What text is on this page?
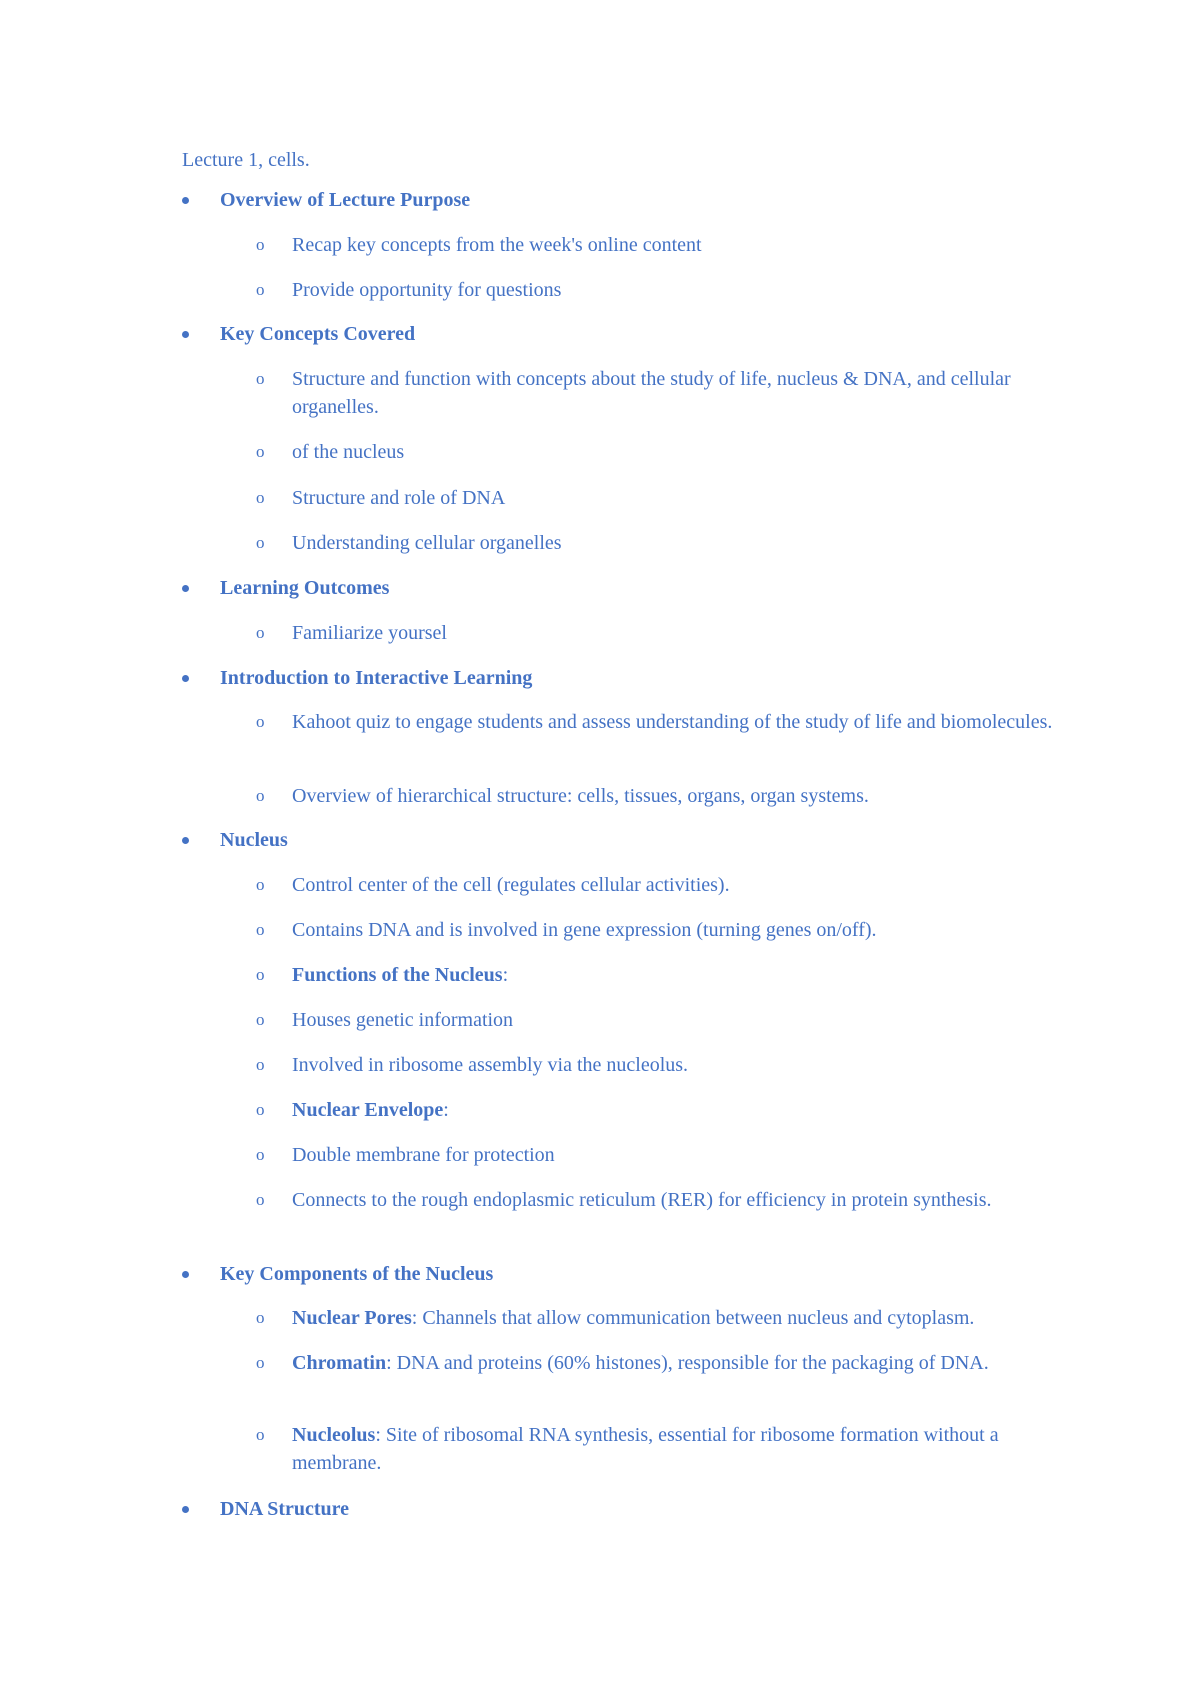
Lecture 1, cells.
Overview of Lecture Purpose
o Recap key concepts from the week's online content
o Provide opportunity for questions
Key Concepts Covered
o Structure and function with concepts about the study of life, nucleus & DNA, and cellular organelles.
o of the nucleus
o Structure and role of DNA
o Understanding cellular organelles
Learning Outcomes
o Familiarize yoursel
Introduction to Interactive Learning
o Kahoot quiz to engage students and assess understanding of the study of life and biomolecules.
o Overview of hierarchical structure: cells, tissues, organs, organ systems.
Nucleus
o Control center of the cell (regulates cellular activities).
o Contains DNA and is involved in gene expression (turning genes on/off).
o Functions of the Nucleus:
o Houses genetic information
o Involved in ribosome assembly via the nucleolus.
o Nuclear Envelope:
o Double membrane for protection
o Connects to the rough endoplasmic reticulum (RER) for efficiency in protein synthesis.
Key Components of the Nucleus
o Nuclear Pores: Channels that allow communication between nucleus and cytoplasm.
o Chromatin: DNA and proteins (60% histones), responsible for the packaging of DNA.
o Nucleolus: Site of ribosomal RNA synthesis, essential for ribosome formation without a membrane.
DNA Structure
